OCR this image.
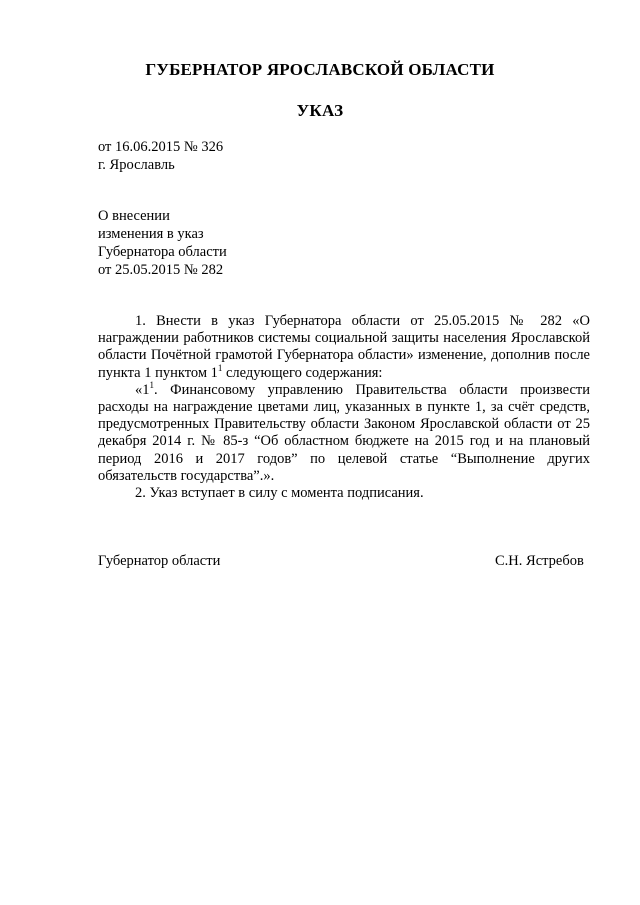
ГУБЕРНАТОР ЯРОСЛАВСКОЙ ОБЛАСТИ
УКАЗ
от 16.06.2015 № 326
г. Ярославль
О внесении
изменения в указ
Губернатора области
от 25.05.2015 № 282

1. Внести в указ Губернатора области от 25.05.2015 № 282 «О награждении работников системы социальной защиты населения Ярославской области Почётной грамотой Губернатора области» изменение, дополнив после пункта 1 пунктом $1^1$ следующего содержания:

«$1^1$. Финансовому управлению Правительства области произвести расходы на награждение цветами лиц, указанных в пункте 1, за счёт средств, предусмотренных Правительству области Законом Ярославской области от 25 декабря 2014 г. № 85-з “Об областном бюджете на 2015 год и на плановый период 2016 и 2017 годов” по целевой статье “Выполнение других обязательств государства”.».

2. Указ вступает в силу с момента подписания.

Губернатор области	С.Н. Ястребов
